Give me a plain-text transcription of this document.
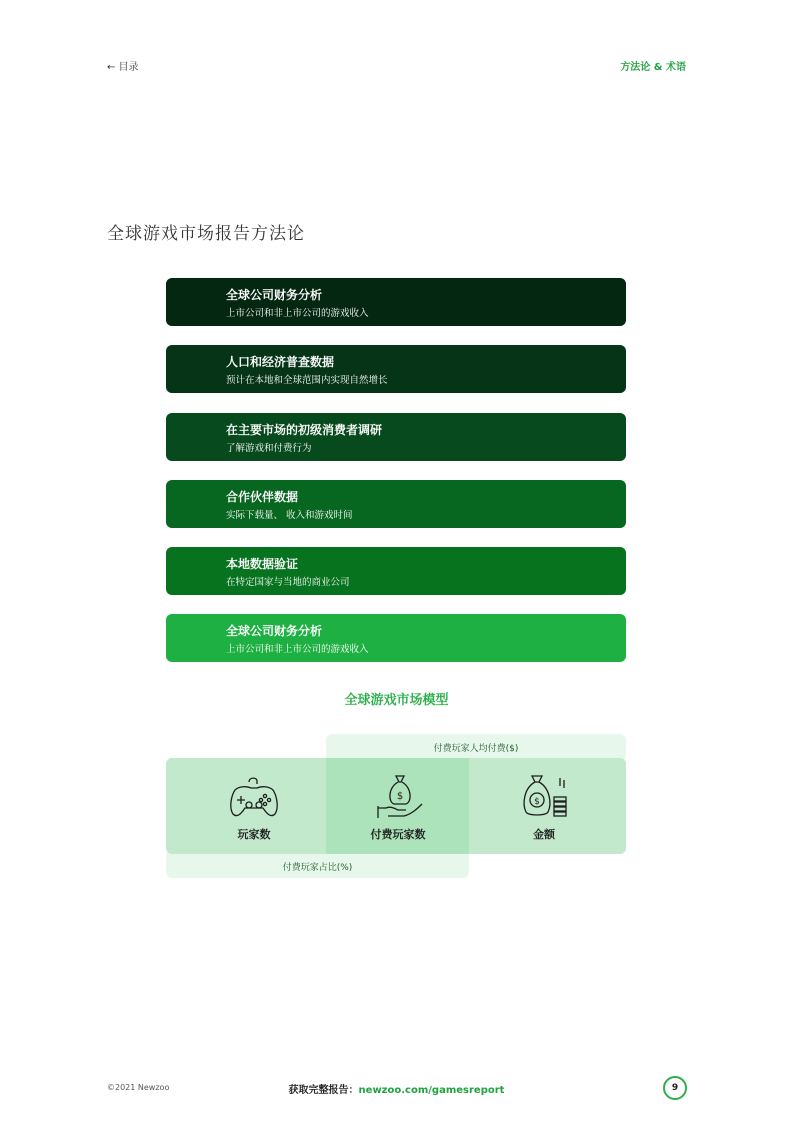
← 目录	方法论 & 术语
全球游戏市场报告方法论
全球公司财务分析
上市公司和非上市公司的游戏收入
人口和经济普查数据
预计在本地和全球范围内实现自然增长
在主要市场的初级消费者调研
了解游戏和付费行为
合作伙伴数据
实际下载量、 收入和游戏时间
本地数据验证
在特定国家与当地的商业公司
全球公司财务分析
上市公司和非上市公司的游戏收入
全球游戏市场模型
付费玩家人均付费($)
付费玩家占比(%)
$	$
玩家数	付费玩家数	金额
©2021 Newzoo	获取完整报告：newzoo.com/gamesreport	9
